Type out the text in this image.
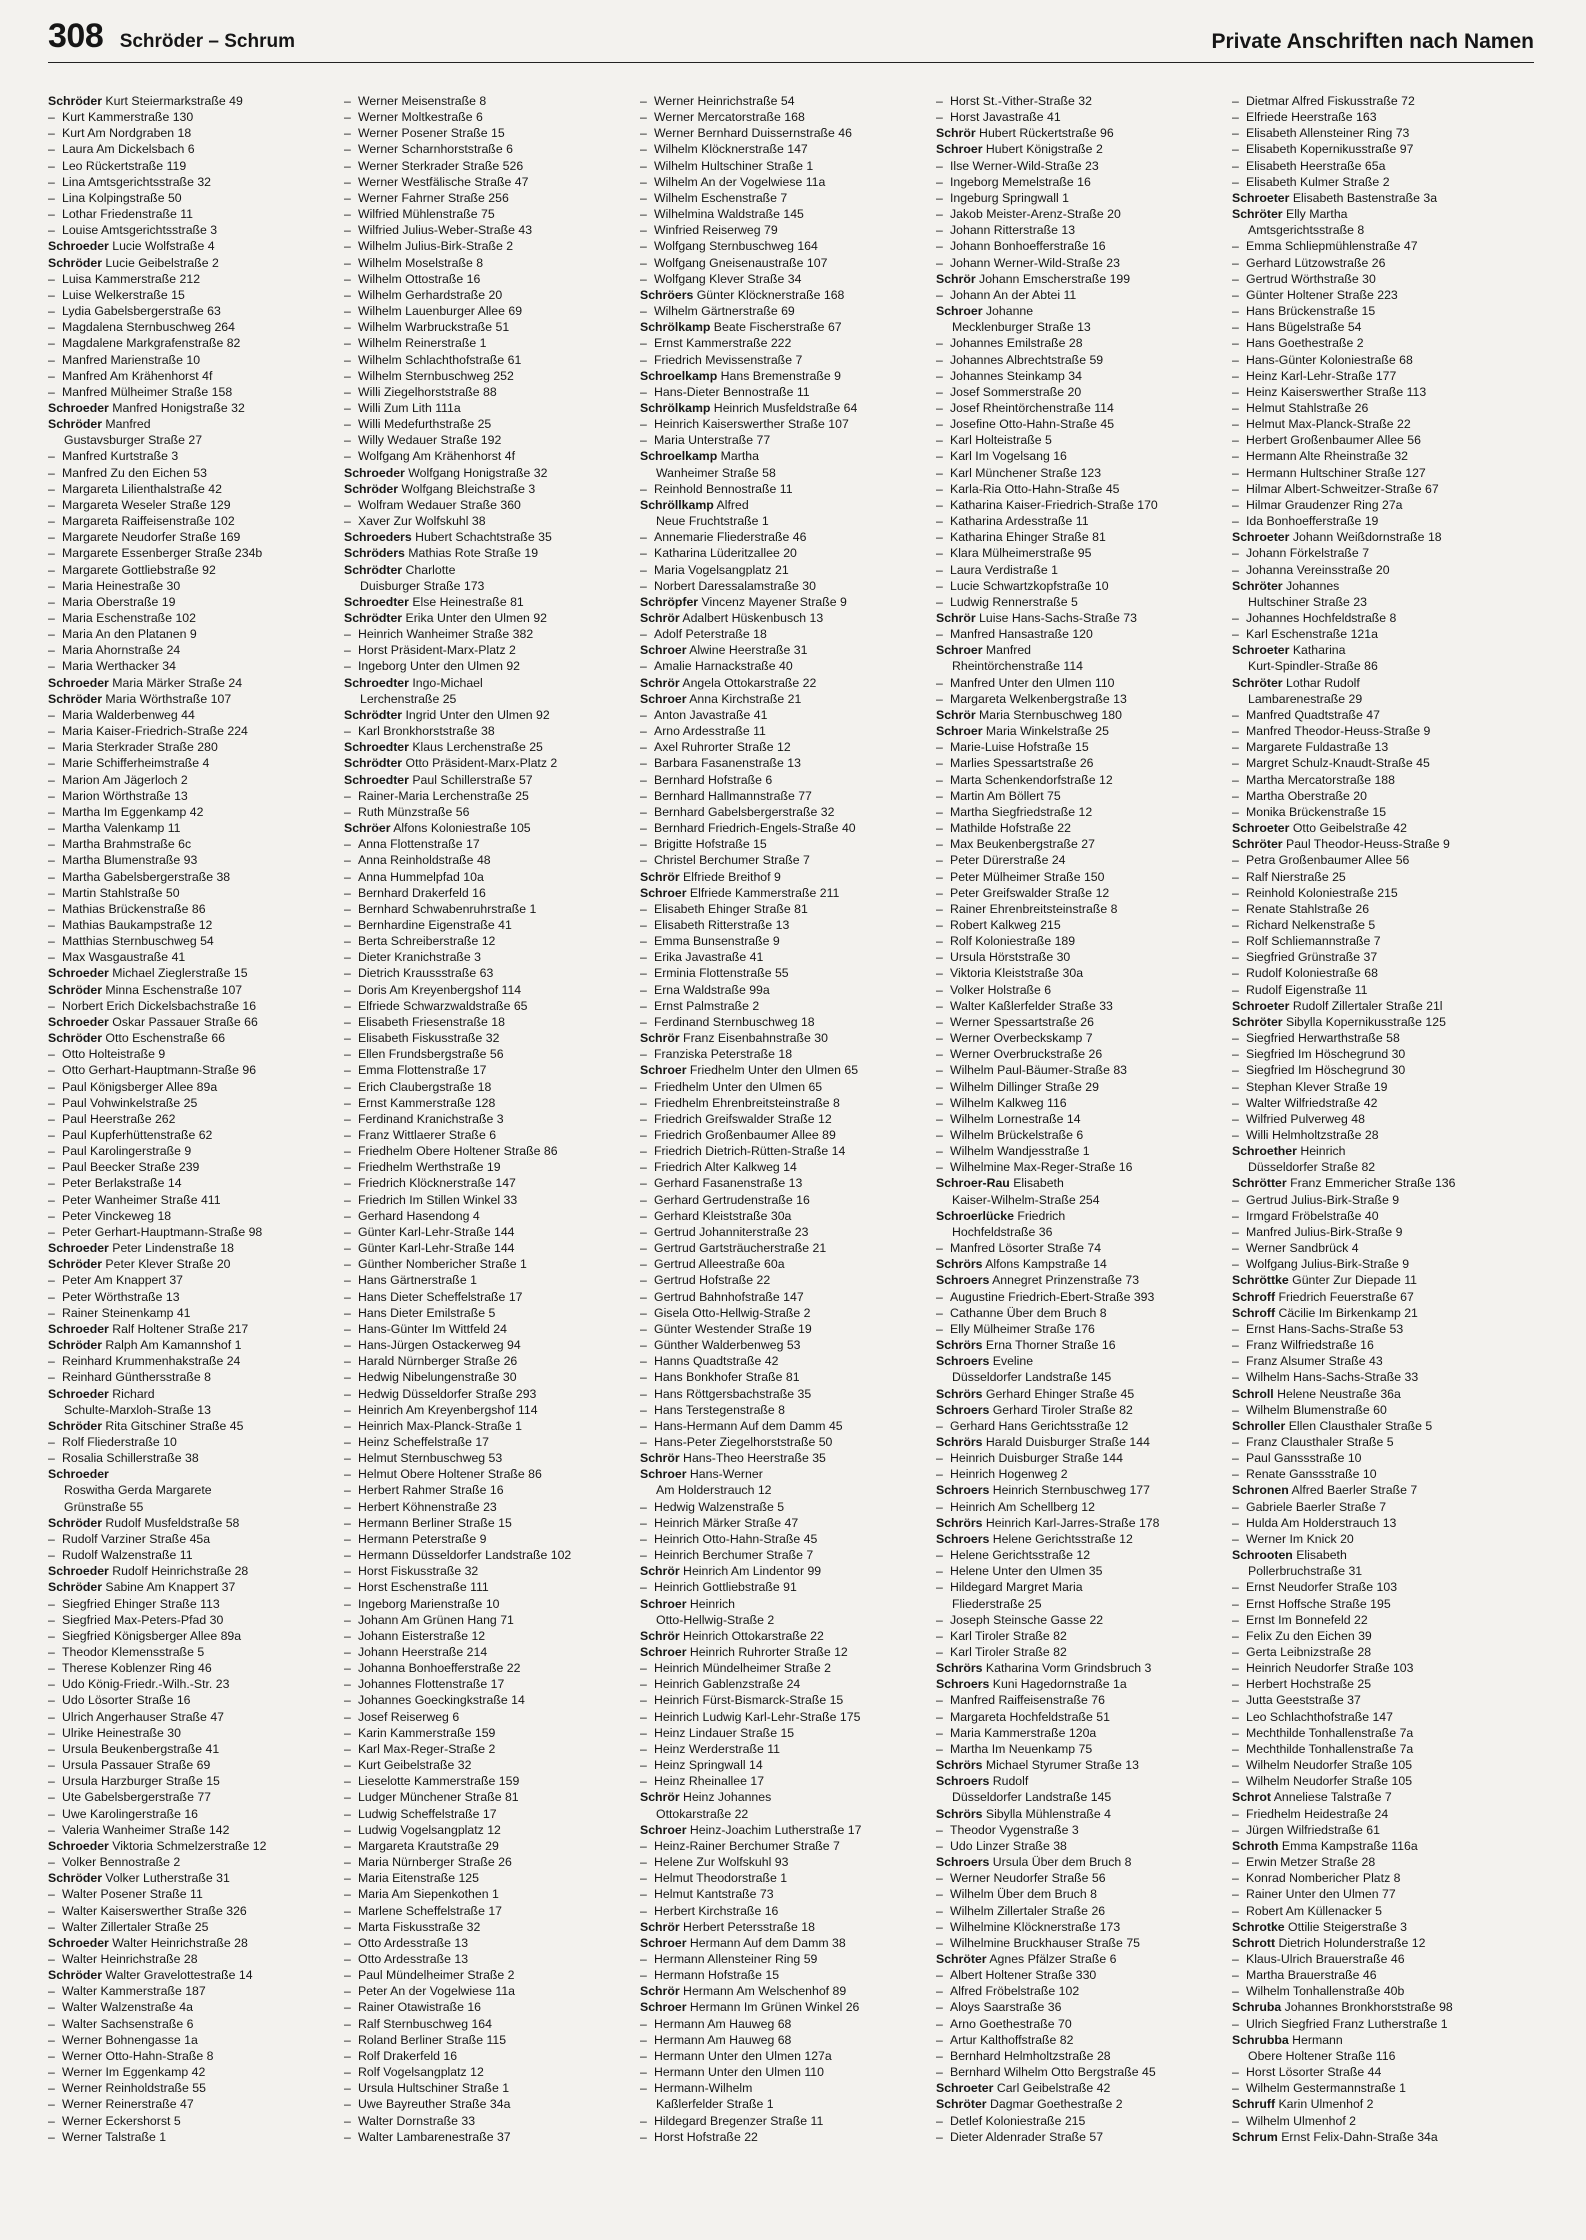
308 Schröder – Schrum	Private Anschriften nach Namen
Schröder Kurt Steiermarkstraße 49
– Kurt Kammerstraße 130
– Kurt Am Nordgraben 18
– Laura Am Dickelsbach 6
– Leo Rückertstraße 119
– Lina Amtsgerichtsstraße 32
– Lina Kolpingstraße 50
– Lothar Friedenstraße 11
– Louise Amtsgerichtsstraße 3
Schroeder Lucie Wolfstraße 4
Schröder Lucie Geibelstraße 2
– Luisa Kammerstraße 212
– Luise Welkerstraße 15
– Lydia Gabelsbergerstraße 63
– Magdalena Sternbuschweg 264
– Magdalene Markgrafenstraße 82
– Manfred Marienstraße 10
– Manfred Am Krähenhorst 4f
– Manfred Mülheimer Straße 158
Schroeder Manfred Honigstraße 32
Schröder Manfred
Gustavsburger Straße 27
– Manfred Kurtstraße 3
– Manfred Zu den Eichen 53
– Margareta Lilienthalstraße 42
– Margareta Weseler Straße 129
– Margareta Raiffeisenstraße 102
– Margarete Neudorfer Straße 169
– Margarete Essenberger Straße 234b
– Margarete Gottliebstraße 92
– Maria Heinestraße 30
– Maria Oberstraße 19
– Maria Eschenstraße 102
– Maria An den Platanen 9
– Maria Ahornstraße 24
– Maria Werthacker 34
Schroeder Maria Märker Straße 24
Schröder Maria Wörthstraße 107
– Maria Walderbenweg 44
– Maria Kaiser-Friedrich-Straße 224
– Maria Sterkrader Straße 280
– Marie Schifferheimstraße 4
– Marion Am Jägerloch 2
– Marion Wörthstraße 13
– Martha Im Eggenkamp 42
– Martha Valenkamp 11
– Martha Brahmstraße 6c
– Martha Blumenstraße 93
– Martha Gabelsbergerstraße 38
– Martin Stahlstraße 50
– Mathias Brückenstraße 86
– Mathias Baukampstraße 12
– Matthias Sternbuschweg 54
– Max Wasgaustraße 41
Schroeder Michael Zieglerstraße 15
Schröder Minna Eschenstraße 107
– Norbert Erich Dickelsbachstraße 16
Schroeder Oskar Passauer Straße 66
Schröder Otto Eschenstraße 66
– Otto Holteistraße 9
– Otto Gerhart-Hauptmann-Straße 96
– Paul Königsberger Allee 89a
– Paul Vohwinkelstraße 25
– Paul Heerstraße 262
– Paul Kupferhüttenstraße 62
– Paul Karolingerstraße 9
– Paul Beecker Straße 239
– Peter Berlakstraße 14
– Peter Wanheimer Straße 411
– Peter Vinckeweg 18
– Peter Gerhart-Hauptmann-Straße 98
Schroeder Peter Lindenstraße 18
Schröder Peter Klever Straße 20
– Peter Am Knappert 37
– Peter Wörthstraße 13
– Rainer Steinenkamp 41
Schroeder Ralf Holtener Straße 217
Schröder Ralph Am Kamannshof 1
– Reinhard Krummenhakstraße 24
– Reinhard Günthersstraße 8
Schroeder Richard
Schulte-Marxloh-Straße 13
Schröder Rita Gitschiner Straße 45
– Rolf Fliederstraße 10
– Rosalia Schillerstraße 38
Schroeder
Roswitha Gerda Margarete
Grünstraße 55
Schröder Rudolf Musfeldstraße 58
– Rudolf Varziner Straße 45a
– Rudolf Walzenstraße 11
Schroeder Rudolf Heinrichstraße 28
Schröder Sabine Am Knappert 37
– Siegfried Ehinger Straße 113
– Siegfried Max-Peters-Pfad 30
– Siegfried Königsberger Allee 89a
– Theodor Klemensstraße 5
– Therese Koblenzer Ring 46
– Udo König-Friedr.-Wilh.-Str. 23
– Udo Lösorter Straße 16
– Ulrich Angerhauser Straße 47
– Ulrike Heinestraße 30
– Ursula Beukenbergstraße 41
– Ursula Passauer Straße 69
– Ursula Harzburger Straße 15
– Ute Gabelsbergerstraße 77
– Uwe Karolingerstraße 16
– Valeria Wanheimer Straße 142
Schroeder Viktoria Schmelzerstraße 12
– Volker Bennostraße 2
Schröder Volker Lutherstraße 31
– Walter Posener Straße 11
– Walter Kaiserswerther Straße 326
– Walter Zillertaler Straße 25
Schroeder Walter Heinrichstraße 28
– Walter Heinrichstraße 28
Schröder Walter Gravelottestraße 14
– Walter Kammerstraße 187
– Walter Walzenstraße 4a
– Walter Sachsenstraße 6
– Werner Bohnengasse 1a
– Werner Otto-Hahn-Straße 8
– Werner Im Eggenkamp 42
– Werner Reinholdstraße 55
– Werner Reinerstraße 47
– Werner Eckershorst 5
– Werner Talstraße 1
– Werner Meisenstraße 8
– Werner Moltkestraße 6
– Werner Posener Straße 15
– Werner Scharnhorststraße 6
– Werner Sterkrader Straße 526
– Werner Westfälische Straße 47
– Werner Fahrner Straße 256
– Wilfried Mühlenstraße 75
– Wilfried Julius-Weber-Straße 43
– Wilhelm Julius-Birk-Straße 2
– Wilhelm Moselstraße 8
– Wilhelm Ottostraße 16
– Wilhelm Gerhardstraße 20
– Wilhelm Lauenburger Allee 69
– Wilhelm Warbruckstraße 51
– Wilhelm Reinerstraße 1
– Wilhelm Schlachthofstraße 61
– Wilhelm Sternbuschweg 252
– Willi Ziegelhorststraße 88
– Willi Zum Lith 111a
– Willi Medefurthstraße 25
– Willy Wedauer Straße 192
– Wolfgang Am Krähenhorst 4f
Schroeder Wolfgang Honigstraße 32
Schröder Wolfgang Bleichstraße 3
– Wolfram Wedauer Straße 360
– Xaver Zur Wolfskuhl 38
Schroeders Hubert Schachtstraße 35
Schröders Mathias Rote Straße 19
Schrödter Charlotte
Duisburger Straße 173
Schroedter Else Heinestraße 81
Schrödter Erika Unter den Ulmen 92
– Heinrich Wanheimer Straße 382
– Horst Präsident-Marx-Platz 2
– Ingeborg Unter den Ulmen 92
Schroedter Ingo-Michael
Lerchenstraße 25
Schrödter Ingrid Unter den Ulmen 92
– Karl Bronkhorststraße 38
Schroedter Klaus Lerchenstraße 25
Schrödter Otto Präsident-Marx-Platz 2
Schroedter Paul Schillerstraße 57
– Rainer-Maria Lerchenstraße 25
– Ruth Münzstraße 56
Schröer Alfons Koloniestraße 105
– Anna Flottenstraße 17
– Anna Reinholdstraße 48
– Anna Hummelpfad 10a
– Bernhard Drakerfeld 16
– Bernhard Schwabenruhrstraße 1
– Bernhardine Eigenstraße 41
– Berta Schreiberstraße 12
– Dieter Kranichstraße 3
– Dietrich Kraussstraße 63
– Doris Am Kreyenbergshof 114
– Elfriede Schwarzwaldstraße 65
– Elisabeth Friesenstraße 18
– Elisabeth Fiskusstraße 32
– Ellen Frundsbergstraße 56
– Emma Flottenstraße 17
– Erich Claubergstraße 18
– Ernst Kammerstraße 128
– Ferdinand Kranichstraße 3
– Franz Wittlaerer Straße 6
– Friedhelm Obere Holtener Straße 86
– Friedhelm Werthstraße 19
– Friedrich Klöcknerstraße 147
– Friedrich Im Stillen Winkel 33
– Gerhard Hasendong 4
– Günter Karl-Lehr-Straße 144
– Günter Karl-Lehr-Straße 144
– Günther Nombericher Straße 1
– Hans Gärtnerstraße 1
– Hans Dieter Scheffelstraße 17
– Hans Dieter Emilstraße 5
– Hans-Günter Im Wittfeld 24
– Hans-Jürgen Ostackerweg 94
– Harald Nürnberger Straße 26
– Hedwig Nibelungenstraße 30
– Hedwig Düsseldorfer Straße 293
– Heinrich Am Kreyenbergshof 114
– Heinrich Max-Planck-Straße 1
– Heinz Scheffelstraße 17
– Helmut Sternbuschweg 53
– Helmut Obere Holtener Straße 86
– Herbert Rahmer Straße 16
– Herbert Köhnenstraße 23
– Hermann Berliner Straße 15
– Hermann Peterstraße 9
– Hermann Düsseldorfer Landstraße 102
– Horst Fiskusstraße 32
– Horst Eschenstraße 111
– Ingeborg Marienstraße 10
– Johann Am Grünen Hang 71
– Johann Eisterstraße 12
– Johann Heerstraße 214
– Johanna Bonhoefferstraße 22
– Johannes Flottenstraße 17
– Johannes Goeckingkstraße 14
– Josef Reiserweg 6
– Karin Kammerstraße 159
– Karl Max-Reger-Straße 2
– Kurt Geibelstraße 32
– Lieselotte Kammerstraße 159
– Ludger Münchener Straße 81
– Ludwig Scheffelstraße 17
– Ludwig Vogelsangplatz 12
– Margareta Krautstraße 29
– Maria Nürnberger Straße 26
– Maria Eitenstraße 125
– Maria Am Siepenkothen 1
– Marlene Scheffelstraße 17
– Marta Fiskusstraße 32
– Otto Ardesstraße 13
– Otto Ardesstraße 13
– Paul Mündelheimer Straße 2
– Peter An der Vogelwiese 11a
– Rainer Otawistraße 16
– Ralf Sternbuschweg 164
– Roland Berliner Straße 115
– Rolf Drakerfeld 16
– Rolf Vogelsangplatz 12
– Ursula Hultschiner Straße 1
– Uwe Bayreuther Straße 34a
– Walter Dornstraße 33
– Walter Lambarenestraße 37
– Werner Heinrichstraße 54
– Werner Mercatorstraße 168
– Werner Bernhard Duissernstraße 46
– Wilhelm Klöcknerstraße 147
– Wilhelm Hultschiner Straße 1
– Wilhelm An der Vogelwiese 11a
– Wilhelm Eschenstraße 7
– Wilhelmina Waldstraße 145
– Winfried Reiserweg 79
– Wolfgang Sternbuschweg 164
– Wolfgang Gneisenaustraße 107
– Wolfgang Klever Straße 34
Schröers Günter Klöcknerstraße 168
– Wilhelm Gärtnerstraße 69
Schrölkamp Beate Fischerstraße 67
– Ernst Kammerstraße 222
– Friedrich Mevissenstraße 7
Schroelkamp Hans Bremenstraße 9
– Hans-Dieter Bennostraße 11
Schrölkamp Heinrich Musfeldstraße 64
– Heinrich Kaiserswerther Straße 107
– Maria Unterstraße 77
Schroelkamp Martha
Wanheimer Straße 58
– Reinhold Bennostraße 11
Schröllkamp Alfred
Neue Fruchtstraße 1
– Annemarie Fliederstraße 46
– Katharina Lüderitzallee 20
– Maria Vogelsangplatz 21
– Norbert Daressalamstraße 30
Schröpfer Vincenz Mayener Straße 9
Schrör Adalbert Hüskenbusch 13
– Adolf Peterstraße 18
Schroer Alwine Heerstraße 31
– Amalie Harnackstraße 40
Schrör Angela Ottokarstraße 22
Schroer Anna Kirchstraße 21
– Anton Javastraße 41
– Arno Ardesstraße 11
– Axel Ruhrorter Straße 12
– Barbara Fasanenstraße 13
– Bernhard Hofstraße 6
– Bernhard Hallmannstraße 77
– Bernhard Gabelsbergerstraße 32
– Bernhard Friedrich-Engels-Straße 40
– Brigitte Hofstraße 15
– Christel Berchumer Straße 7
Schrör Elfriede Breithof 9
Schroer Elfriede Kammerstraße 211
– Elisabeth Ehinger Straße 81
– Elisabeth Ritterstraße 13
– Emma Bunsenstraße 9
– Erika Javastraße 41
– Erminia Flottenstraße 55
– Erna Waldstraße 99a
– Ernst Palmstraße 2
– Ferdinand Sternbuschweg 18
Schrör Franz Eisenbahnstraße 30
– Franziska Peterstraße 18
Schroer Friedhelm Unter den Ulmen 65
– Friedhelm Unter den Ulmen 65
– Friedhelm Ehrenbreitsteinstraße 8
– Friedrich Greifswalder Straße 12
– Friedrich Großenbaumer Allee 89
– Friedrich Dietrich-Rütten-Straße 14
– Friedrich Alter Kalkweg 14
– Gerhard Fasanenstraße 13
– Gerhard Gertrudenstraße 16
– Gerhard Kleiststraße 30a
– Gertrud Johanniterstraße 23
– Gertrud Gartsträucherstraße 21
– Gertrud Alleestraße 60a
– Gertrud Hofstraße 22
– Gertrud Bahnhofstraße 147
– Gisela Otto-Hellwig-Straße 2
– Günter Westender Straße 19
– Günther Walderbenweg 53
– Hanns Quadtstraße 42
– Hans Bonkhofer Straße 81
– Hans Röttgersbachstraße 35
– Hans Terstegenstraße 8
– Hans-Hermann Auf dem Damm 45
– Hans-Peter Ziegelhorststraße 50
Schrör Hans-Theo Heerstraße 35
Schroer Hans-Werner
Am Holderstrauch 12
– Hedwig Walzenstraße 5
– Heinrich Märker Straße 47
– Heinrich Otto-Hahn-Straße 45
– Heinrich Berchumer Straße 7
Schrör Heinrich Am Lindentor 99
– Heinrich Gottliebstraße 91
Schroer Heinrich
Otto-Hellwig-Straße 2
Schrör Heinrich Ottokarstraße 22
Schroer Heinrich Ruhrorter Straße 12
– Heinrich Mündelheimer Straße 2
– Heinrich Gablenzstraße 24
– Heinrich Fürst-Bismarck-Straße 15
– Heinrich Ludwig Karl-Lehr-Straße 175
– Heinz Lindauer Straße 15
– Heinz Werderstraße 11
– Heinz Springwall 14
– Heinz Rheinallee 17
Schrör Heinz Johannes
Ottokarstraße 22
Schroer Heinz-Joachim Lutherstraße 17
– Heinz-Rainer Berchumer Straße 7
– Helene Zur Wolfskuhl 93
– Helmut Theodorstraße 1
– Helmut Kantstraße 73
– Herbert Kirchstraße 16
Schrör Herbert Petersstraße 18
Schroer Hermann Auf dem Damm 38
– Hermann Allensteiner Ring 59
– Hermann Hofstraße 15
Schrör Hermann Am Welschenhof 89
Schroer Hermann Im Grünen Winkel 26
– Hermann Am Hauweg 68
– Hermann Am Hauweg 68
– Hermann Unter den Ulmen 127a
– Hermann Unter den Ulmen 110
– Hermann-Wilhelm
Kaßlerfelder Straße 1
– Hildegard Bregenzer Straße 11
– Horst Hofstraße 22
– Horst St.-Vither-Straße 32
– Horst Javastraße 41
Schrör Hubert Rückertstraße 96
Schroer Hubert Königstraße 2
– Ilse Werner-Wild-Straße 23
– Ingeborg Memelstraße 16
– Ingeburg Springwall 1
– Jakob Meister-Arenz-Straße 20
– Johann Ritterstraße 13
– Johann Bonhoefferstraße 16
– Johann Werner-Wild-Straße 23
Schrör Johann Emscherstraße 199
– Johann An der Abtei 11
Schroer Johanne
Mecklenburger Straße 13
– Johannes Emilstraße 28
– Johannes Albrechtstraße 59
– Johannes Steinkamp 34
– Josef Sommerstraße 20
– Josef Rheintörchenstraße 114
– Josefine Otto-Hahn-Straße 45
– Karl Holteistraße 5
– Karl Im Vogelsang 16
– Karl Münchener Straße 123
– Karla-Ria Otto-Hahn-Straße 45
– Katharina Kaiser-Friedrich-Straße 170
– Katharina Ardesstraße 11
– Katharina Ehinger Straße 81
– Klara Mülheimerstraße 95
– Laura Verdistraße 1
– Lucie Schwartzkopfstraße 10
– Ludwig Rennerstraße 5
Schrör Luise Hans-Sachs-Straße 73
– Manfred Hansastraße 120
Schroer Manfred
Rheintörchenstraße 114
– Manfred Unter den Ulmen 110
– Margareta Welkenbergstraße 13
Schrör Maria Sternbuschweg 180
Schroer Maria Winkelstraße 25
– Marie-Luise Hofstraße 15
– Marlies Spessartstraße 26
– Marta Schenkendorfstraße 12
– Martin Am Böllert 75
– Martha Siegfriedstraße 12
– Mathilde Hofstraße 22
– Max Beukenbergstraße 27
– Peter Dürerstraße 24
– Peter Mülheimer Straße 150
– Peter Greifswalder Straße 12
– Rainer Ehrenbreitsteinstraße 8
– Robert Kalkweg 215
– Rolf Koloniestraße 189
– Ursula Hörststraße 30
– Viktoria Kleiststraße 30a
– Volker Holstraße 6
– Walter Kaßlerfelder Straße 33
– Werner Spessartstraße 26
– Werner Overbeckskamp 7
– Werner Overbruckstraße 26
– Wilhelm Paul-Bäumer-Straße 83
– Wilhelm Dillinger Straße 29
– Wilhelm Kalkweg 116
– Wilhelm Lornestraße 14
– Wilhelm Brückelstraße 6
– Wilhelm Wandjesstraße 1
– Wilhelmine Max-Reger-Straße 16
Schroer-Rau Elisabeth
Kaiser-Wilhelm-Straße 254
Schroerlücke Friedrich
Hochfeldstraße 36
– Manfred Lösorter Straße 74
Schrörs Alfons Kampstraße 14
Schroers Annegret Prinzenstraße 73
– Augustine Friedrich-Ebert-Straße 393
– Cathanne Über dem Bruch 8
– Elly Mülheimer Straße 176
Schrörs Erna Thorner Straße 16
Schroers Eveline
Düsseldorfer Landstraße 145
Schrörs Gerhard Ehinger Straße 45
Schroers Gerhard Tiroler Straße 82
– Gerhard Hans Gerichtsstraße 12
Schrörs Harald Duisburger Straße 144
– Heinrich Duisburger Straße 144
– Heinrich Hogenweg 2
Schroers Heinrich Sternbuschweg 177
– Heinrich Am Schellberg 12
Schrörs Heinrich Karl-Jarres-Straße 178
Schroers Helene Gerichtsstraße 12
– Helene Gerichtsstraße 12
– Helene Unter den Ulmen 35
– Hildegard Margret Maria
Fliederstraße 25
– Joseph Steinsche Gasse 22
– Karl Tiroler Straße 82
– Karl Tiroler Straße 82
Schrörs Katharina Vorm Grindsbruch 3
Schroers Kuni Hagedornstraße 1a
– Manfred Raiffeisenstraße 76
– Margareta Hochfeldstraße 51
– Maria Kammerstraße 120a
– Martha Im Neuenkamp 75
Schrörs Michael Styrumer Straße 13
Schroers Rudolf
Düsseldorfer Landstraße 145
Schrörs Sibylla Mühlenstraße 4
– Theodor Vygenstraße 3
– Udo Linzer Straße 38
Schroers Ursula Über dem Bruch 8
– Werner Neudorfer Straße 56
– Wilhelm Über dem Bruch 8
– Wilhelm Zillertaler Straße 26
– Wilhelmine Klöcknerstraße 173
– Wilhelmine Bruckhauser Straße 75
Schröter Agnes Pfälzer Straße 6
– Albert Holtener Straße 330
– Alfred Fröbelstraße 102
– Aloys Saarstraße 36
– Arno Goethestraße 70
– Artur Kalthoffstraße 82
– Bernhard Helmholtzstraße 28
– Bernhard Wilhelm Otto Bergstraße 45
Schroeter Carl Geibelstraße 42
Schröter Dagmar Goethestraße 2
– Detlef Koloniestraße 215
– Dieter Aldenrader Straße 57
– Dietmar Alfred Fiskusstraße 72
– Elfriede Heerstraße 163
– Elisabeth Allensteiner Ring 73
– Elisabeth Kopernikusstraße 97
– Elisabeth Heerstraße 65a
– Elisabeth Kulmer Straße 2
Schroeter Elisabeth Bastenstraße 3a
Schröter Elly Martha
Amtsgerichtsstraße 8
– Emma Schliepmühlenstraße 47
– Gerhard Lützowstraße 26
– Gertrud Wörthstraße 30
– Günter Holtener Straße 223
– Hans Brückenstraße 15
– Hans Bügelstraße 54
– Hans Goethestraße 2
– Hans-Günter Koloniestraße 68
– Heinz Karl-Lehr-Straße 177
– Heinz Kaiserswerther Straße 113
– Helmut Stahlstraße 26
– Helmut Max-Planck-Straße 22
– Herbert Großenbaumer Allee 56
– Hermann Alte Rheinstraße 32
– Hermann Hultschiner Straße 127
– Hilmar Albert-Schweitzer-Straße 67
– Hilmar Graudenzer Ring 27a
– Ida Bonhoefferstraße 19
Schroeter Johann Weißdornstraße 18
– Johann Förkelstraße 7
– Johanna Vereinsstraße 20
Schröter Johannes
Hultschiner Straße 23
– Johannes Hochfeldstraße 8
– Karl Eschenstraße 121a
Schroeter Katharina
Kurt-Spindler-Straße 86
Schröter Lothar Rudolf
Lambarenestraße 29
– Manfred Quadtstraße 47
– Manfred Theodor-Heuss-Straße 9
– Margarete Fuldastraße 13
– Margret Schulz-Knaudt-Straße 45
– Martha Mercatorstraße 188
– Martha Oberstraße 20
– Monika Brückenstraße 15
Schroeter Otto Geibelstraße 42
Schröter Paul Theodor-Heuss-Straße 9
– Petra Großenbaumer Allee 56
– Ralf Nierstraße 25
– Reinhold Koloniestraße 215
– Renate Stahlstraße 26
– Richard Nelkenstraße 5
– Rolf Schliemannstraße 7
– Siegfried Grünstraße 37
– Rudolf Koloniestraße 68
– Rudolf Eigenstraße 11
Schroeter Rudolf Zillertaler Straße 21l
Schröter Sibylla Kopernikusstraße 125
– Siegfried Herwarthstraße 58
– Siegfried Im Höschegrund 30
– Siegfried Im Höschegrund 30
– Stephan Klever Straße 19
– Walter Wilfriedstraße 42
– Wilfried Pulverweg 48
– Willi Helmholtzstraße 28
Schroether Heinrich
Düsseldorfer Straße 82
Schrötter Franz Emmericher Straße 136
– Gertrud Julius-Birk-Straße 9
– Irmgard Fröbelstraße 40
– Manfred Julius-Birk-Straße 9
– Werner Sandbrück 4
– Wolfgang Julius-Birk-Straße 9
Schröttke Günter Zur Diepade 11
Schroff Friedrich Feuerstraße 67
Schroff Cäcilie Im Birkenkamp 21
– Ernst Hans-Sachs-Straße 53
– Franz Wilfriedstraße 16
– Franz Alsumer Straße 43
– Wilhelm Hans-Sachs-Straße 33
Schroll Helene Neustraße 36a
– Wilhelm Blumenstraße 60
Schroller Ellen Clausthaler Straße 5
– Franz Clausthaler Straße 5
– Paul Ganssstraße 10
– Renate Ganssstraße 10
Schronen Alfred Baerler Straße 7
– Gabriele Baerler Straße 7
– Hulda Am Holderstrauch 13
– Werner Im Knick 20
Schrooten Elisabeth
Pollerbruchstraße 31
– Ernst Neudorfer Straße 103
– Ernst Hoffsche Straße 195
– Ernst Im Bonnefeld 22
– Felix Zu den Eichen 39
– Gerta Leibnizstraße 28
– Heinrich Neudorfer Straße 103
– Herbert Hochstraße 25
– Jutta Geeststraße 37
– Leo Schlachthofstraße 147
– Mechthilde Tonhallenstraße 7a
– Mechthilde Tonhallenstraße 7a
– Wilhelm Neudorfer Straße 105
– Wilhelm Neudorfer Straße 105
Schrot Anneliese Talstraße 7
– Friedhelm Heidestraße 24
– Jürgen Wilfriedstraße 61
Schroth Emma Kampstraße 116a
– Erwin Metzer Straße 28
– Konrad Nombericher Platz 8
– Rainer Unter den Ulmen 77
– Robert Am Küllenacker 5
Schrotke Ottilie Steigerstraße 3
Schrott Dietrich Holunderstraße 12
– Klaus-Ulrich Brauerstraße 46
– Martha Brauerstraße 46
– Wilhelm Tonhallenstraße 40b
Schruba Johannes Bronkhorststraße 98
– Ulrich Siegfried Franz Lutherstraße 1
Schrubba Hermann
Obere Holtener Straße 116
– Horst Lösorter Straße 44
– Wilhelm Gestermannstraße 1
Schruff Karin Ulmenhof 2
– Wilhelm Ulmenhof 2
Schrum Ernst Felix-Dahn-Straße 34a
